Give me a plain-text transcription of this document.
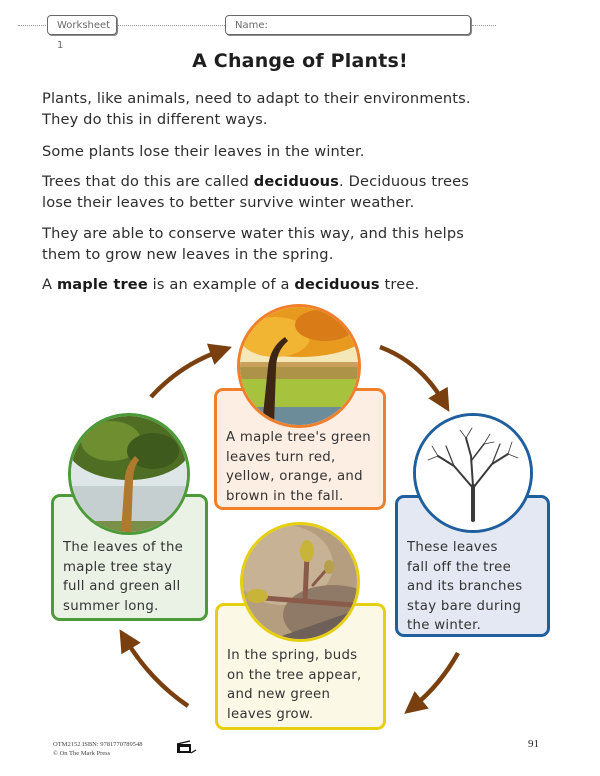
Worksheet 1
Name:
A Change of Plants!
Plants, like animals, need to adapt to their environments.
They do this in different ways.
Some plants lose their leaves in the winter.
Trees that do this are called deciduous. Deciduous trees
lose their leaves to better survive winter weather.
They are able to conserve water this way, and this helps
them to grow new leaves in the spring.
A maple tree is an example of a deciduous tree.
A maple tree's green
leaves turn red,
yellow, orange, and
brown in the fall.
The leaves of the
maple tree stay
full and green all
summer long.
These leaves
fall off the tree
and its branches
stay bare during
the winter.
In the spring, buds
on the tree appear,
and new green
leaves grow.
OTM2152 ISBN: 9781770789548
© On The Mark Press
91
